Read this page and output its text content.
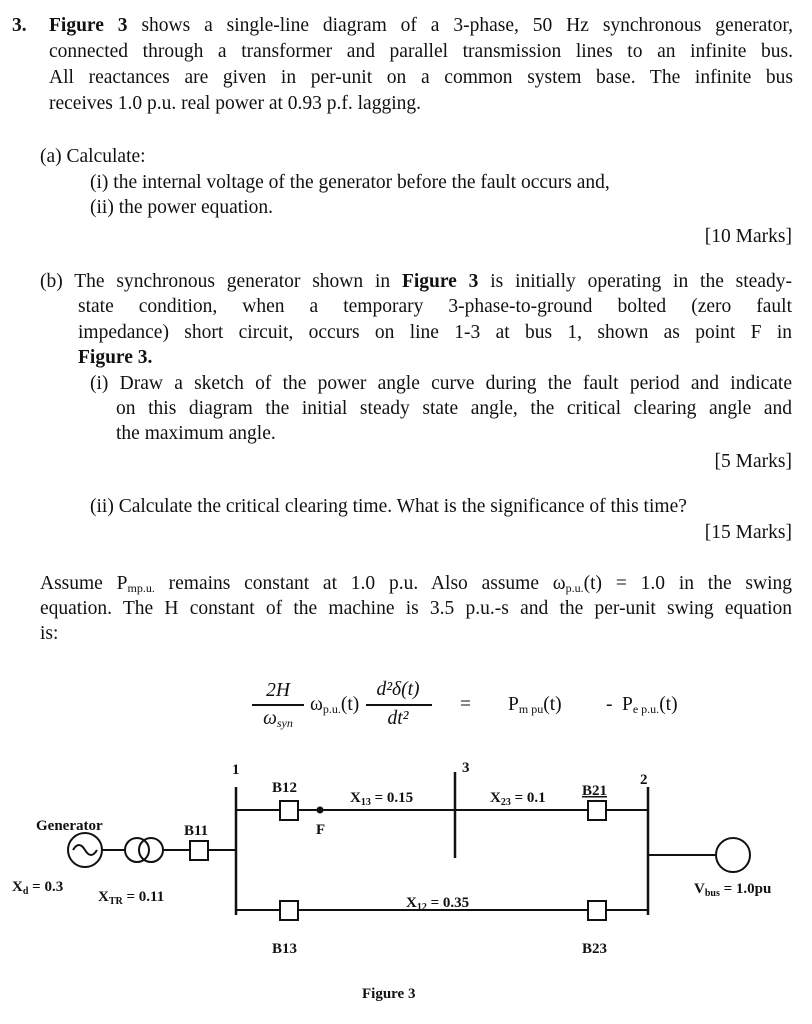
3. Figure 3 shows a single-line diagram of a 3-phase, 50 Hz synchronous generator,
connected through a transformer and parallel transmission lines to an infinite bus.
All reactances are given in per-unit on a common system base. The infinite bus
receives 1.0 p.u. real power at 0.93 p.f. lagging.
(a) Calculate:
(i) the internal voltage of the generator before the fault occurs and,
(ii) the power equation.
[10 Marks]
(b) The synchronous generator shown in Figure 3 is initially operating in the steady-
state condition, when a temporary 3-phase-to-ground bolted (zero fault
impedance) short circuit, occurs on line 1-3 at bus 1, shown as point F in
Figure 3.
(i) Draw a sketch of the power angle curve during the fault period and indicate
on this diagram the initial steady state angle, the critical clearing angle and
the maximum angle.
[5 Marks]
(ii) Calculate the critical clearing time. What is the significance of this time?
[15 Marks]
Assume $P_{mp.u.}$ remains constant at 1.0 p.u. Also assume $\omega_{p.u.}(t) = 1.0$ in the swing
equation. The H constant of the machine is 3.5 p.u.-s and the per-unit swing equation
is:
2H
$\omega_{syn}$
$\omega_{p.u.}(t)$
d²δ(t)
dt²
= $P_{m pu}(t) - P_{e p.u.}(t)$
1
2
3
Generator
$X_d = 0.3$
$X_{TR} = 0.11$
B11
B12
F
$X_{13} = 0.15$	$X_{23} = 0.1$ B21
$X_{12} = 0.35$
B13	B23
$V_{bus} = 1.0pu$
Figure 3
